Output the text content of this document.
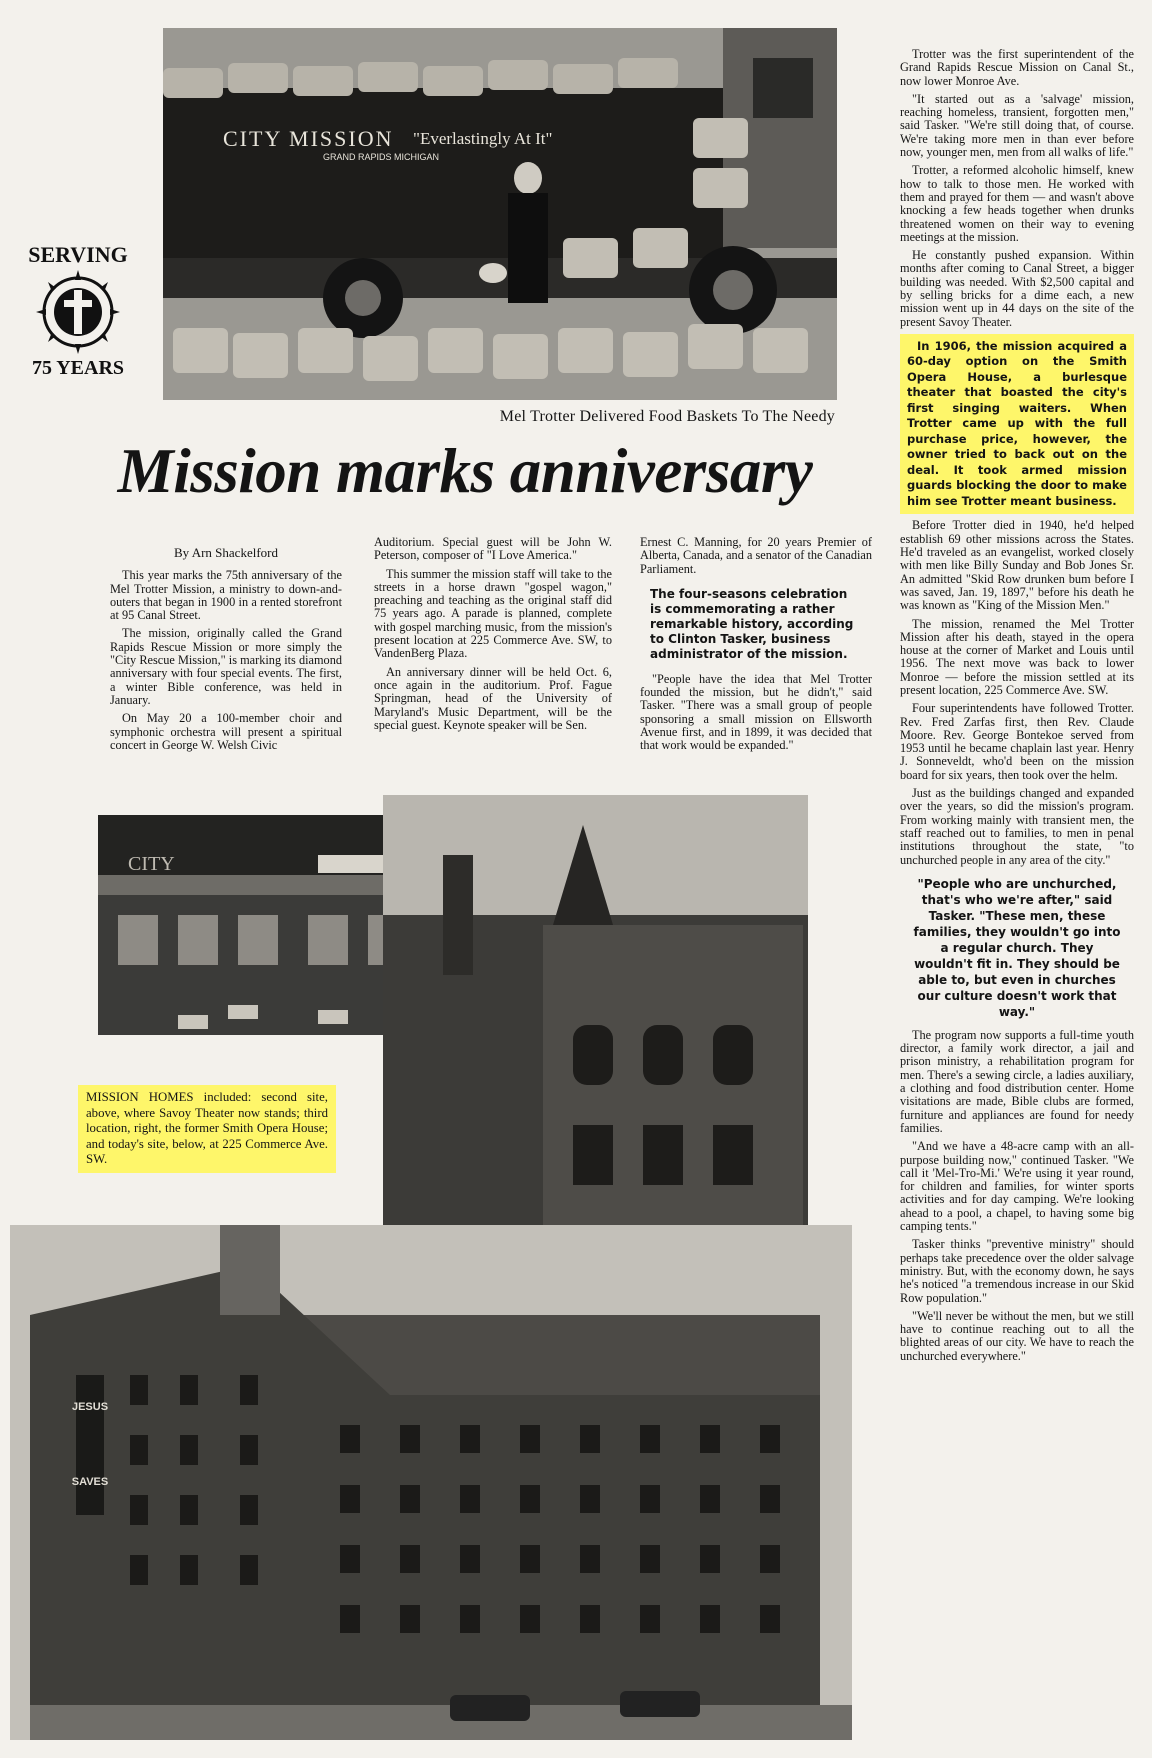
SERVING
75 YEARS
CITY MISSION
GRAND RAPIDS MICHIGAN
"Everlastingly At It"
Mel Trotter Delivered Food Baskets To The Needy
Mission marks anniversary

By Arn Shackelford

This year marks the 75th anniversary of the Mel Trotter Mission, a ministry to down-and-outers that began in 1900 in a rented storefront at 95 Canal Street.

The mission, originally called the Grand Rapids Rescue Mission or more simply the "City Rescue Mission," is marking its diamond anniversary with four special events. The first, a winter Bible conference, was held in January.

On May 20 a 100-member choir and symphonic orchestra will present a spiritual concert in George W. Welsh Civic

Auditorium. Special guest will be John W. Peterson, composer of "I Love America."

This summer the mission staff will take to the streets in a horse drawn "gospel wagon," preaching and teaching as the original staff did 75 years ago. A parade is planned, complete with gospel marching music, from the mission's present location at 225 Commerce Ave. SW, to VandenBerg Plaza.

An anniversary dinner will be held Oct. 6, once again in the auditorium. Prof. Fague Springman, head of the University of Maryland's Music Department, will be the special guest. Keynote speaker will be Sen.

Ernest C. Manning, for 20 years Premier of Alberta, Canada, and a senator of the Canadian Parliament.

The four-seasons celebration is commemorating a rather remarkable history, according to Clinton Tasker, business administrator of the mission.

"People have the idea that Mel Trotter founded the mission, but he didn't," said Tasker. "There was a small group of people sponsoring a small mission on Ellsworth Avenue first, and in 1899, it was decided that that work would be expanded."

Trotter was the first superintendent of the Grand Rapids Rescue Mission on Canal St., now lower Monroe Ave.

"It started out as a 'salvage' mission, reaching homeless, transient, forgotten men," said Tasker. "We're still doing that, of course. We're taking more men in than ever before now, younger men, men from all walks of life."

Trotter, a reformed alcoholic himself, knew how to talk to those men. He worked with them and prayed for them — and wasn't above knocking a few heads together when drunks threatened women on their way to evening meetings at the mission.

He constantly pushed expansion. Within months after coming to Canal Street, a bigger building was needed. With $2,500 capital and by selling bricks for a dime each, a new mission went up in 44 days on the site of the present Savoy Theater.

In 1906, the mission acquired a 60-day option on the Smith Opera House, a burlesque theater that boasted the city's first singing waiters. When Trotter came up with the full purchase price, however, the owner tried to back out on the deal. It took armed mission guards blocking the door to make him see Trotter meant business.

Before Trotter died in 1940, he'd helped establish 69 other missions across the States. He'd traveled as an evangelist, worked closely with men like Billy Sunday and Bob Jones Sr. An admitted "Skid Row drunken bum before I was saved, Jan. 19, 1897," before his death he was known as "King of the Mission Men."

The mission, renamed the Mel Trotter Mission after his death, stayed in the opera house at the corner of Market and Louis until 1956. The next move was back to lower Monroe — before the mission settled at its present location, 225 Commerce Ave. SW.

Four superintendents have followed Trotter. Rev. Fred Zarfas first, then Rev. Claude Moore. Rev. George Bontekoe served from 1953 until he became chaplain last year. Henry J. Sonneveldt, who'd been on the mission board for six years, then took over the helm.

Just as the buildings changed and expanded over the years, so did the mission's program. From working mainly with transient men, the staff reached out to families, to men in penal institutions throughout the state, "to unchurched people in any area of the city."

"People who are unchurched, that's who we're after," said Tasker. "These men, these families, they wouldn't go into a regular church. They wouldn't fit in. They should be able to, but even in churches our culture doesn't work that way."

The program now supports a full-time youth director, a family work director, a jail and prison ministry, a rehabilitation program for men. There's a sewing circle, a ladies auxiliary, a clothing and food distribution center. Home visitations are made, Bible clubs are formed, furniture and appliances are found for needy families.

"And we have a 48-acre camp with an all-purpose building now," continued Tasker. "We call it 'Mel-Tro-Mi.' We're using it year round, for children and families, for winter sports activities and for day camping. We're looking ahead to a pool, a chapel, to having some big camping tents."

Tasker thinks "preventive ministry" should perhaps take precedence over the older salvage ministry. But, with the economy down, he says he's noticed "a tremendous increase in our Skid Row population."

"We'll never be without the men, but we still have to continue reaching out to all the blighted areas of our city. We have to reach the unchurched everywhere."

CITY

MISSION HOMES included: second site, above, where Savoy Theater now stands; third location, right, the former Smith Opera House; and today's site, below, at 225 Commerce Ave. SW.

JESUS
SAVES
